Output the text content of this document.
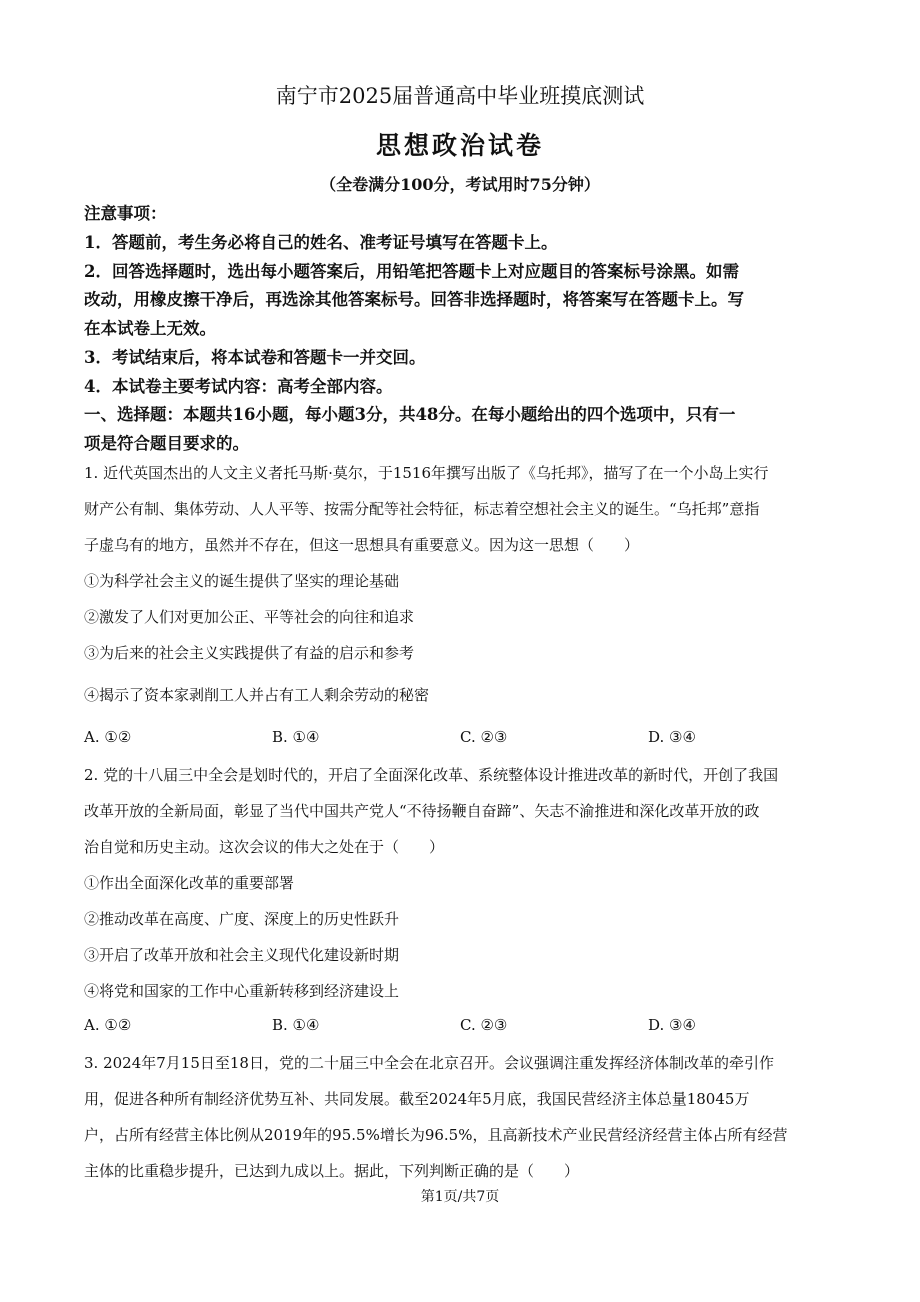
南宁市2025届普通高中毕业班摸底测试
思想政治试卷
（全卷满分100分，考试用时75分钟）
注意事项：
1．答题前，考生务必将自己的姓名、准考证号填写在答题卡上。
2．回答选择题时，选出每小题答案后，用铅笔把答题卡上对应题目的答案标号涂黑。如需
改动，用橡皮擦干净后，再选涂其他答案标号。回答非选择题时，将答案写在答题卡上。写
在本试卷上无效。
3．考试结束后，将本试卷和答题卡一并交回。
4．本试卷主要考试内容：高考全部内容。
一、选择题：本题共16小题，每小题3分，共48分。在每小题给出的四个选项中，只有一
项是符合题目要求的。
1. 近代英国杰出的人文主义者托马斯·莫尔，于1516年撰写出版了《乌托邦》，描写了在一个小岛上实行
财产公有制、集体劳动、人人平等、按需分配等社会特征，标志着空想社会主义的诞生。“乌托邦”意指
子虚乌有的地方，虽然并不存在，但这一思想具有重要意义。因为这一思想（　　）
①为科学社会主义的诞生提供了坚实的理论基础
②激发了人们对更加公正、平等社会的向往和追求
③为后来的社会主义实践提供了有益的启示和参考
④揭示了资本家剥削工人并占有工人剩余劳动的秘密
A. ①②	B. ①④	C. ②③	D. ③④
2. 党的十八届三中全会是划时代的，开启了全面深化改革、系统整体设计推进改革的新时代，开创了我国
改革开放的全新局面，彰显了当代中国共产党人“不待扬鞭自奋蹄”、矢志不渝推进和深化改革开放的政
治自觉和历史主动。这次会议的伟大之处在于（　　）
①作出全面深化改革的重要部署
②推动改革在高度、广度、深度上的历史性跃升
③开启了改革开放和社会主义现代化建设新时期
④将党和国家的工作中心重新转移到经济建设上
A. ①②	B. ①④	C. ②③	D. ③④
3. 2024年7月15日至18日，党的二十届三中全会在北京召开。会议强调注重发挥经济体制改革的牵引作
用，促进各种所有制经济优势互补、共同发展。截至2024年5月底，我国民营经济主体总量18045万
户，占所有经营主体比例从2019年的95.5%增长为96.5%，且高新技术产业民营经济经营主体占所有经营
主体的比重稳步提升，已达到九成以上。据此，下列判断正确的是（　　）
第1页/共7页
